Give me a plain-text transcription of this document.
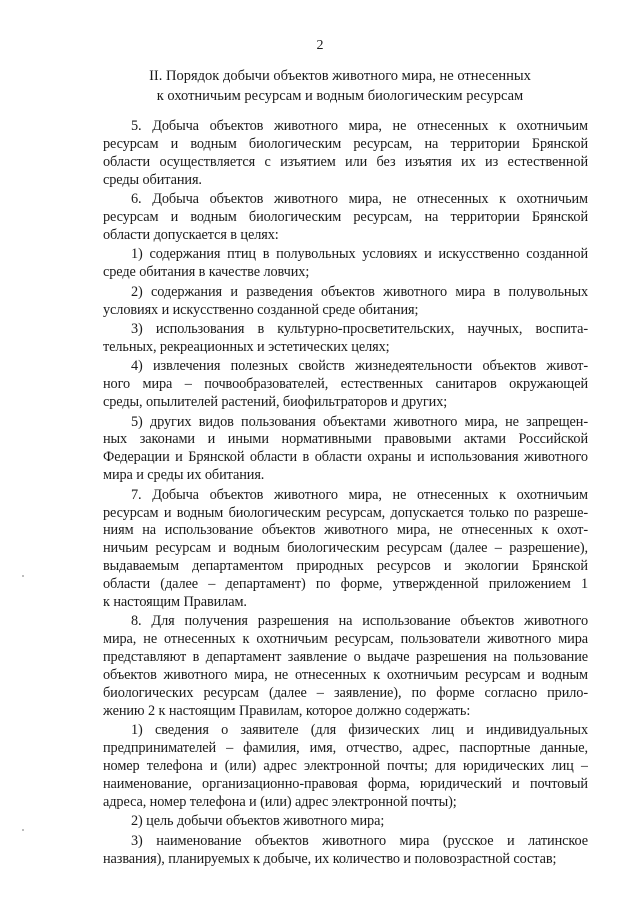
2
II. Порядок добычи объектов животного мира, не отнесенных
к охотничьим ресурсам и водным биологическим ресурсам
5. Добыча объектов животного мира, не отнесенных к охотничьим
ресурсам и водным биологическим ресурсам, на территории Брянской
области осуществляется с изъятием или без изъятия их из естественной
среды обитания.
6. Добыча объектов животного мира, не отнесенных к охотничьим
ресурсам и водным биологическим ресурсам, на территории Брянской
области допускается в целях:
1) содержания птиц в полувольных условиях и искусственно созданной
среде обитания в качестве ловчих;
2) содержания и разведения объектов животного мира в полувольных
условиях и искусственно созданной среде обитания;
3) использования в культурно-просветительских, научных, воспита-
тельных, рекреационных и эстетических целях;
4) извлечения полезных свойств жизнедеятельности объектов живот-
ного мира – почвообразователей, естественных санитаров окружающей
среды, опылителей растений, биофильтраторов и других;
5) других видов пользования объектами животного мира, не запрещен-
ных законами и иными нормативными правовыми актами Российской
Федерации и Брянской области в области охраны и использования животного
мира и среды их обитания.
7. Добыча объектов животного мира, не отнесенных к охотничьим
ресурсам и водным биологическим ресурсам, допускается только по разреше-
ниям на использование объектов животного мира, не отнесенных к охот-
ничьим ресурсам и водным биологическим ресурсам (далее – разрешение),
выдаваемым департаментом природных ресурсов и экологии Брянской
области (далее – департамент) по форме, утвержденной приложением 1
к настоящим Правилам.
8. Для получения разрешения на использование объектов животного
мира, не отнесенных к охотничьим ресурсам, пользователи животного мира
представляют в департамент заявление о выдаче разрешения на пользование
объектов животного мира, не отнесенных к охотничьим ресурсам и водным
биологических ресурсам (далее – заявление), по форме согласно прило-
жению 2 к настоящим Правилам, которое должно содержать:
1) сведения о заявителе (для физических лиц и индивидуальных
предпринимателей – фамилия, имя, отчество, адрес, паспортные данные,
номер телефона и (или) адрес электронной почты; для юридических лиц –
наименование, организационно-правовая форма, юридический и почтовый
адреса, номер телефона и (или) адрес электронной почты);
2) цель добычи объектов животного мира;
3) наименование объектов животного мира (русское и латинское
названия), планируемых к добыче, их количество и половозрастной состав;
